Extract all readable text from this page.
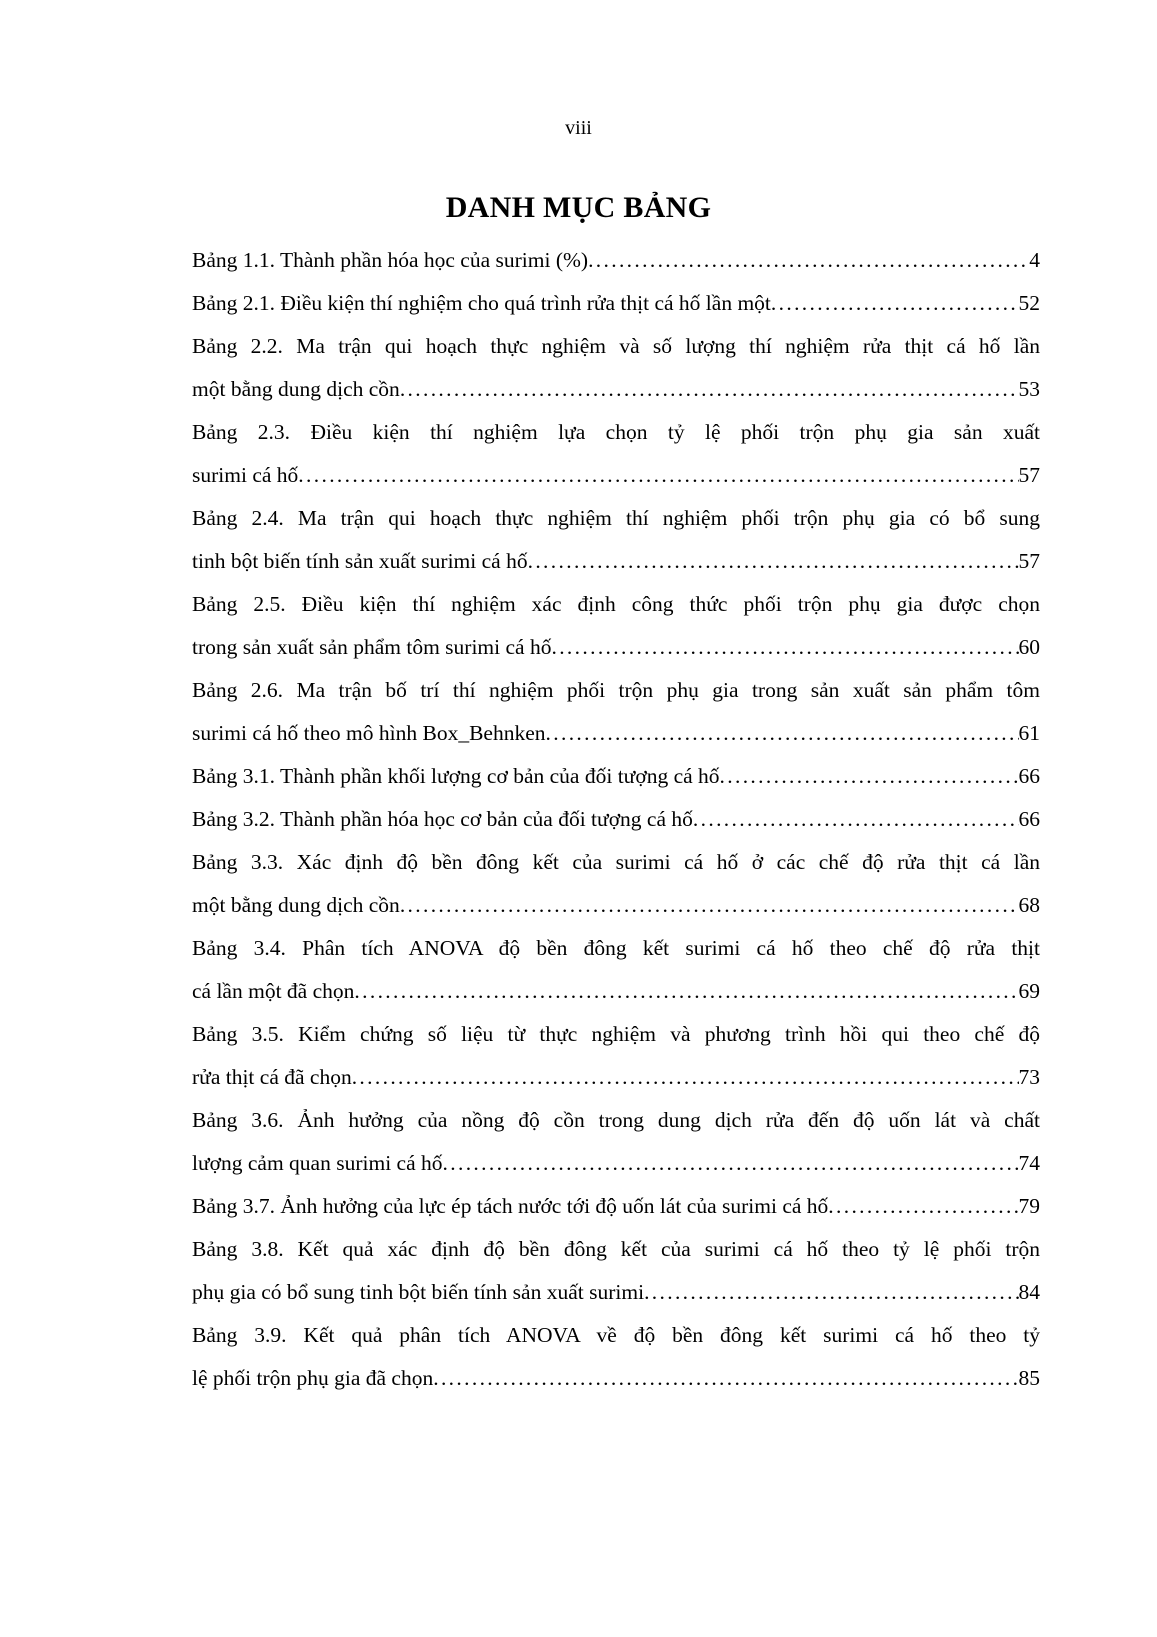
viii
DANH MỤC BẢNG
Bảng 1.1. Thành phần hóa học của surimi (%) .....	4
Bảng 2.1. Điều kiện thí nghiệm cho quá trình rửa thịt cá hố lần một .....	52
Bảng 2.2. Ma trận qui hoạch thực nghiệm và số lượng thí nghiệm rửa thịt cá hố lần
một bằng dung dịch cồn .....	53
Bảng 2.3. Điều kiện thí nghiệm lựa chọn tỷ lệ phối trộn phụ gia sản xuất
surimi cá hố .....	57
Bảng 2.4. Ma trận qui hoạch thực nghiệm thí nghiệm phối trộn phụ gia có bổ sung
tinh bột biến tính sản xuất surimi cá hố .....	57
Bảng 2.5. Điều kiện thí nghiệm xác định công thức phối trộn phụ gia được chọn
trong sản xuất sản phẩm tôm surimi cá hố .....	60
Bảng 2.6. Ma trận bố trí thí nghiệm phối trộn phụ gia trong sản xuất sản phẩm tôm
surimi cá hố theo mô hình Box_Behnken .....	61
Bảng 3.1. Thành phần khối lượng cơ bản của đối tượng cá hố .....	66
Bảng 3.2. Thành phần hóa học cơ bản của đối tượng cá hố .....	66
Bảng 3.3. Xác định độ bền đông kết của surimi cá hố ở các chế độ rửa thịt cá lần
một bằng dung dịch cồn .....	68
Bảng 3.4. Phân tích ANOVA độ bền đông kết surimi cá hố theo chế độ rửa thịt
cá lần một đã chọn .....	69
Bảng 3.5. Kiểm chứng số liệu từ thực nghiệm và phương trình hồi qui theo chế độ
rửa thịt cá đã chọn .....	73
Bảng 3.6. Ảnh hưởng của nồng độ cồn trong dung dịch rửa đến độ uốn lát và chất
lượng cảm quan surimi cá hố .....	74
Bảng 3.7. Ảnh hưởng của lực ép tách nước tới độ uốn lát của surimi cá hố .....	79
Bảng 3.8. Kết quả xác định độ bền đông kết của surimi cá hố theo tỷ lệ phối trộn
phụ gia có bổ sung tinh bột biến tính sản xuất surimi .....	84
Bảng 3.9. Kết quả phân tích ANOVA về độ bền đông kết surimi cá hố theo tỷ
lệ phối trộn phụ gia đã chọn .....	85
